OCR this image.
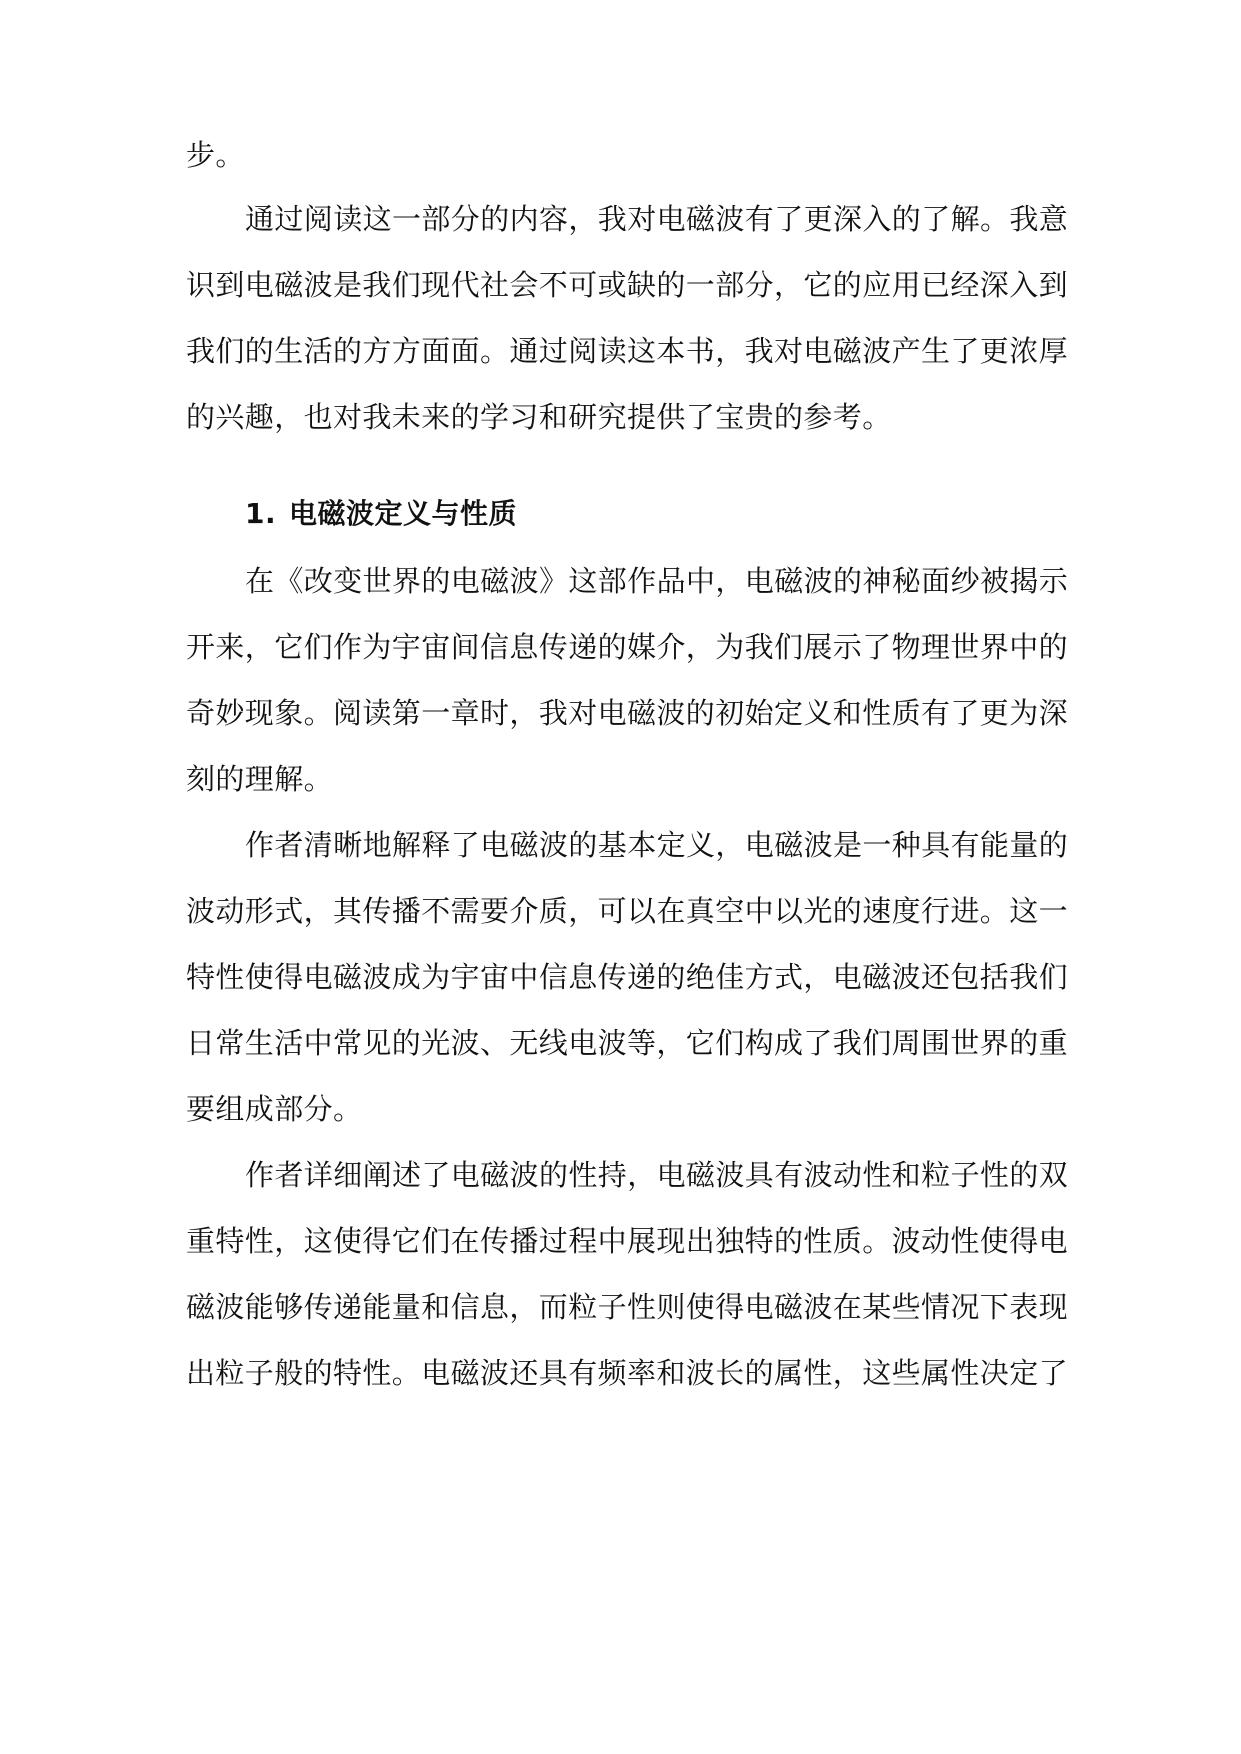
步。
通过阅读这一部分的内容，我对电磁波有了更深入的了解。我意
识到电磁波是我们现代社会不可或缺的一部分，它的应用已经深入到
我们的生活的方方面面。通过阅读这本书，我对电磁波产生了更浓厚
的兴趣，也对我未来的学习和研究提供了宝贵的参考。
1. 电磁波定义与性质
在《改变世界的电磁波》这部作品中，电磁波的神秘面纱被揭示
开来，它们作为宇宙间信息传递的媒介，为我们展示了物理世界中的
奇妙现象。阅读第一章时，我对电磁波的初始定义和性质有了更为深
刻的理解。
作者清晰地解释了电磁波的基本定义，电磁波是一种具有能量的
波动形式，其传播不需要介质，可以在真空中以光的速度行进。这一
特性使得电磁波成为宇宙中信息传递的绝佳方式，电磁波还包括我们
日常生活中常见的光波、无线电波等，它们构成了我们周围世界的重
要组成部分。
作者详细阐述了电磁波的性持，电磁波具有波动性和粒子性的双
重特性，这使得它们在传播过程中展现出独特的性质。波动性使得电
磁波能够传递能量和信息，而粒子性则使得电磁波在某些情况下表现
出粒子般的特性。电磁波还具有频率和波长的属性，这些属性决定了
